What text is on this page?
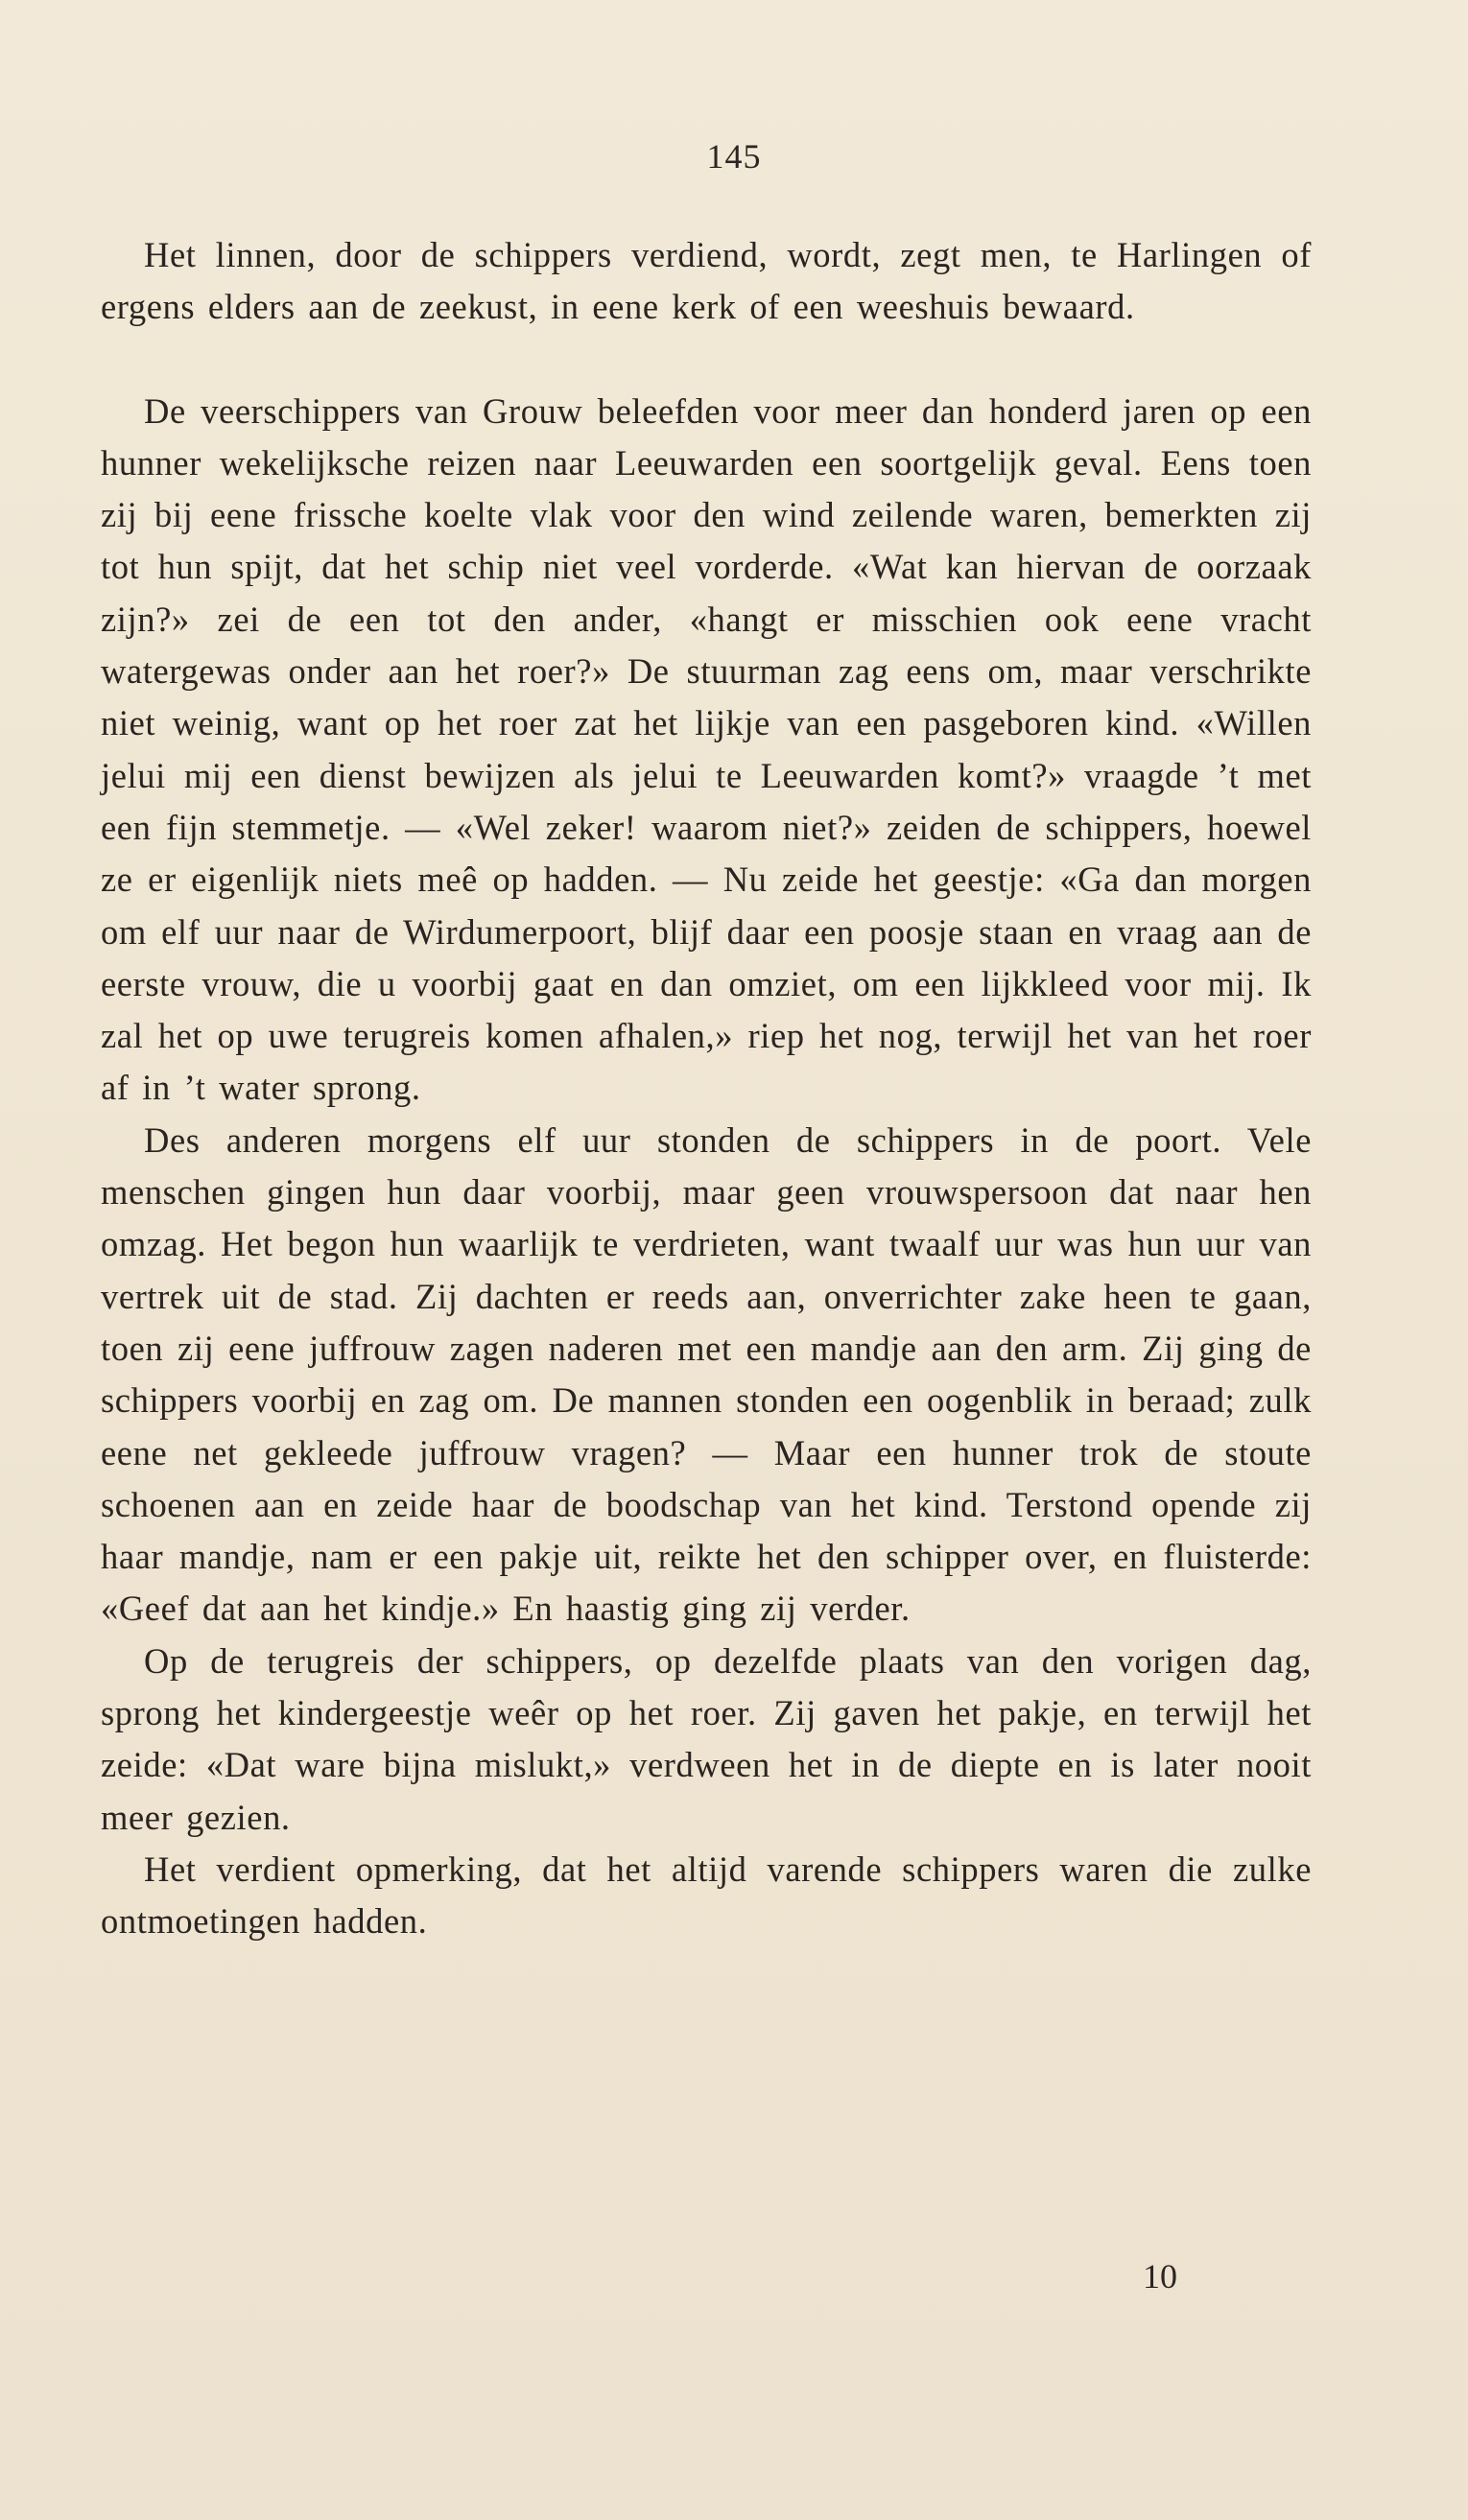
145

Het linnen, door de schippers verdiend, wordt, zegt men, te Harlingen of ergens elders aan de zeekust, in eene kerk of een weeshuis bewaard.

De veerschippers van Grouw beleefden voor meer dan honderd jaren op een hunner wekelijksche reizen naar Leeuwarden een soortgelijk geval. Eens toen zij bij eene frissche koelte vlak voor den wind zeilende waren, bemerkten zij tot hun spijt, dat het schip niet veel vorderde. «Wat kan hiervan de oorzaak zijn?» zei de een tot den ander, «hangt er misschien ook eene vracht watergewas onder aan het roer?» De stuurman zag eens om, maar verschrikte niet weinig, want op het roer zat het lijkje van een pasgeboren kind. «Willen jelui mij een dienst bewijzen als jelui te Leeuwarden komt?» vraagde ’t met een fijn stemmetje. — «Wel zeker! waarom niet?» zeiden de schippers, hoewel ze er eigenlijk niets meê op hadden. — Nu zeide het geestje: «Ga dan morgen om elf uur naar de Wirdumerpoort, blijf daar een poosje staan en vraag aan de eerste vrouw, die u voorbij gaat en dan omziet, om een lijkkleed voor mij. Ik zal het op uwe terugreis komen afhalen,» riep het nog, terwijl het van het roer af in ’t water sprong.

Des anderen morgens elf uur stonden de schippers in de poort. Vele menschen gingen hun daar voorbij, maar geen vrouwspersoon dat naar hen omzag. Het begon hun waarlijk te verdrieten, want twaalf uur was hun uur van vertrek uit de stad. Zij dachten er reeds aan, onverrichter zake heen te gaan, toen zij eene juffrouw zagen naderen met een mandje aan den arm. Zij ging de schippers voorbij en zag om. De mannen stonden een oogenblik in beraad; zulk eene net gekleede juffrouw vragen? — Maar een hunner trok de stoute schoenen aan en zeide haar de boodschap van het kind. Terstond opende zij haar mandje, nam er een pakje uit, reikte het den schipper over, en fluisterde: «Geef dat aan het kindje.» En haastig ging zij verder.

Op de terugreis der schippers, op dezelfde plaats van den vorigen dag, sprong het kindergeestje weêr op het roer. Zij gaven het pakje, en terwijl het zeide: «Dat ware bijna mislukt,» verdween het in de diepte en is later nooit meer gezien.

Het verdient opmerking, dat het altijd varende schippers waren die zulke ontmoetingen hadden.

10
